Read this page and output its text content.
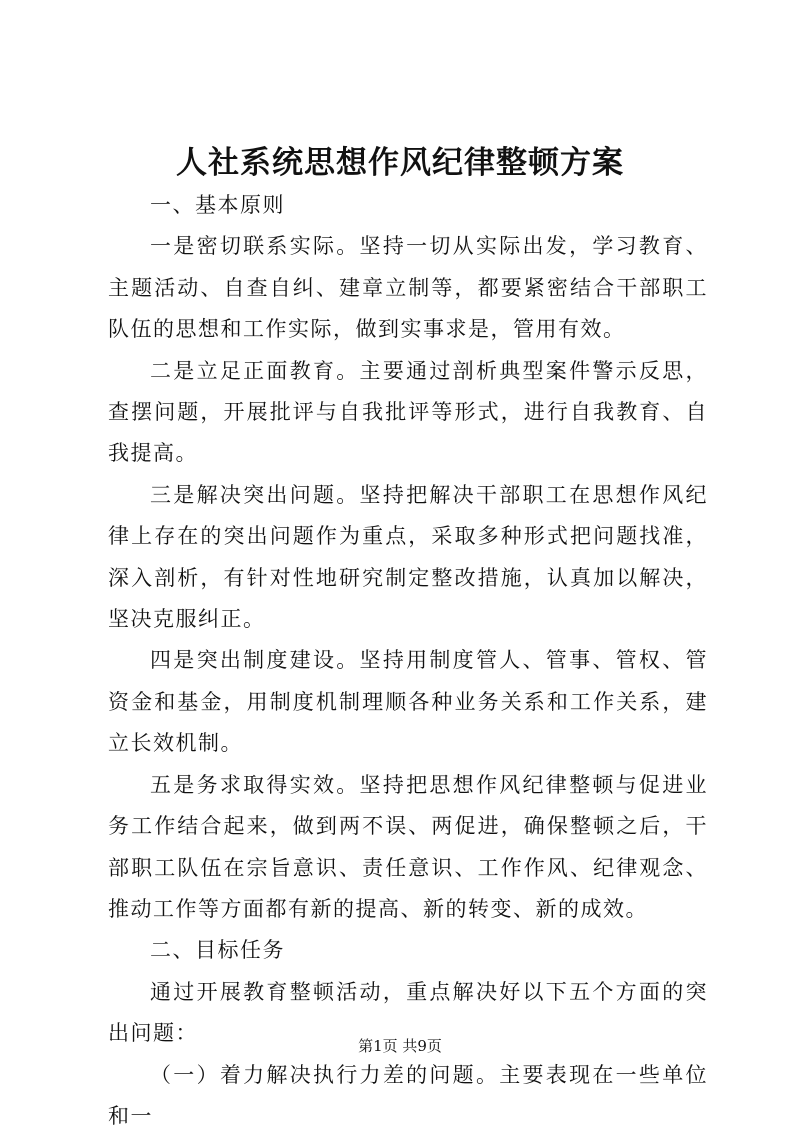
人社系统思想作风纪律整顿方案

一、基本原则

一是密切联系实际。坚持一切从实际出发，学习教育、主题活动、自查自纠、建章立制等，都要紧密结合干部职工队伍的思想和工作实际，做到实事求是，管用有效。

二是立足正面教育。主要通过剖析典型案件警示反思，查摆问题，开展批评与自我批评等形式，进行自我教育、自我提高。

三是解决突出问题。坚持把解决干部职工在思想作风纪律上存在的突出问题作为重点，采取多种形式把问题找准，深入剖析，有针对性地研究制定整改措施，认真加以解决，坚决克服纠正。

四是突出制度建设。坚持用制度管人、管事、管权、管资金和基金，用制度机制理顺各种业务关系和工作关系，建立长效机制。

五是务求取得实效。坚持把思想作风纪律整顿与促进业务工作结合起来，做到两不误、两促进，确保整顿之后，干部职工队伍在宗旨意识、责任意识、工作作风、纪律观念、推动工作等方面都有新的提高、新的转变、新的成效。

二、目标任务

通过开展教育整顿活动，重点解决好以下五个方面的突出问题：

（一）着力解决执行力差的问题。主要表现在一些单位和一

第1页 共9页
